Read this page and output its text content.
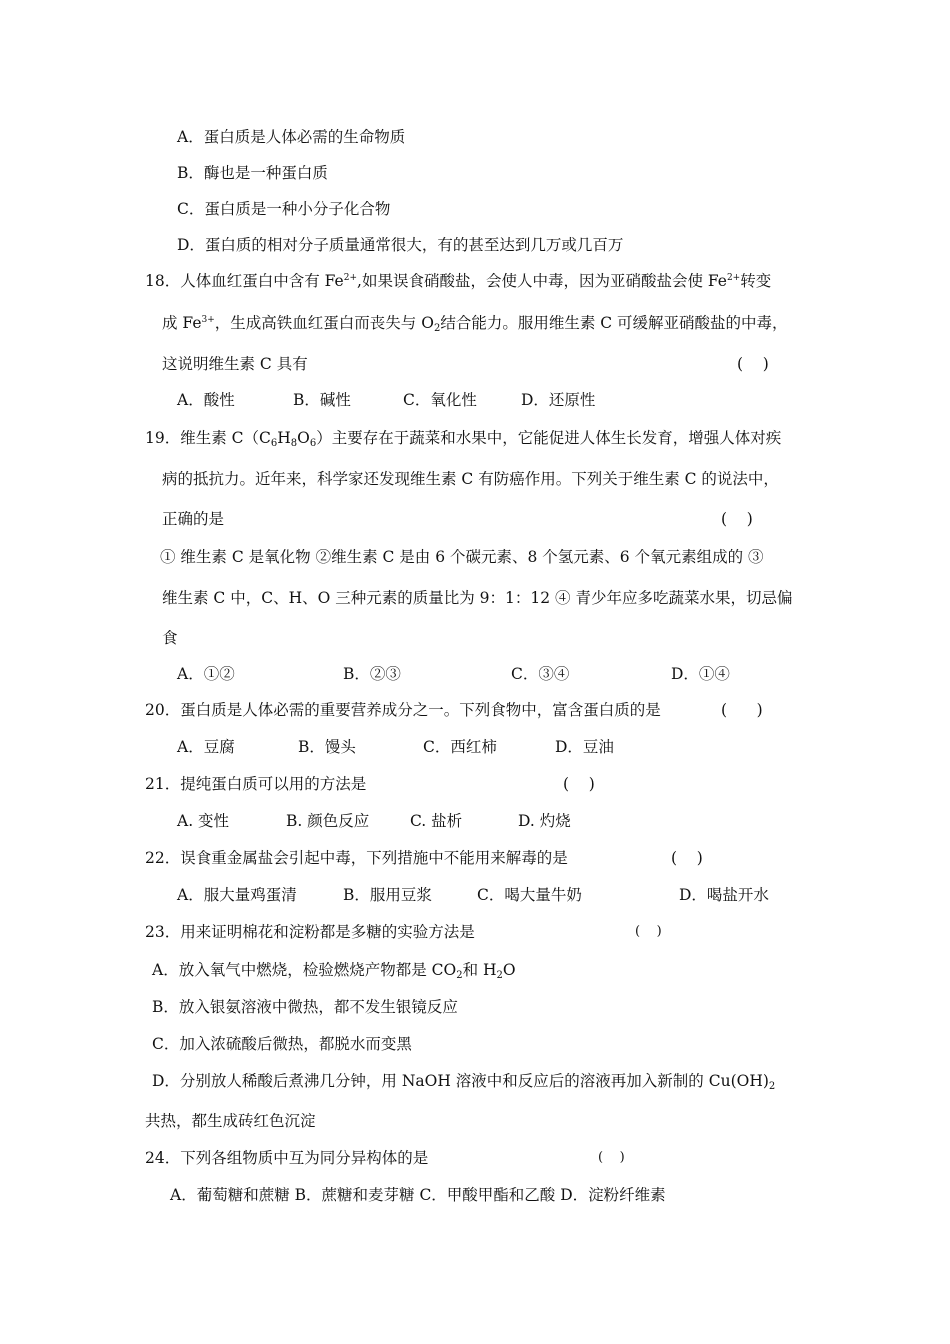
A．蛋白质是人体必需的生命物质
B．酶也是一种蛋白质
C．蛋白质是一种小分子化合物
D．蛋白质的相对分子质量通常很大，有的甚至达到几万或几百万
18．人体血红蛋白中含有 $Fe^{2+}$,如果误食硝酸盐，会使人中毒，因为亚硝酸盐会使 $Fe^{2+}$转变
成 $Fe^{3+}$，生成高铁血红蛋白而丧失与 $O_2$结合能力。服用维生素 C 可缓解亚硝酸盐的中毒，
这说明维生素 C 具有	(    )
A．酸性	B．碱性	C．氧化性	D．还原性
19．维生素 $C(C_6H_8O_6)$主要存在于蔬菜和水果中，它能促进人体生长发育，增强人体对疾
病的抵抗力。近年来，科学家还发现维生素 C 有防癌作用。下列关于维生素 C 的说法中，
正确的是	(    )
① 维生素 C 是氧化物 ②维生素 C 是由 6 个碳元素、8 个氢元素、6 个氧元素组成的 ③
维生素 C 中，C、H、O 三种元素的质量比为 9：1：12 ④ 青少年应多吃蔬菜水果，切忌偏
食
A．①②	B．②③	C．③④	D．①④
20．蛋白质是人体必需的重要营养成分之一。下列食物中，富含蛋白质的是	(      )
A．豆腐	B．馒头	C．西红柿	D．豆油
21．提纯蛋白质可以用的方法是	(    )
A. 变性	B. 颜色反应	C. 盐析	D. 灼烧
22．误食重金属盐会引起中毒，下列措施中不能用来解毒的是	(    )
A．服大量鸡蛋清	B．服用豆浆	C．喝大量牛奶	D．喝盐开水
23．用来证明棉花和淀粉都是多糖的实验方法是	(    )
A．放入氧气中燃烧，检验燃烧产物都是 $CO_2$和 $H_2O$
B．放入银氨溶液中微热，都不发生银镜反应
C．加入浓硫酸后微热，都脱水而变黑
D．分别放人稀酸后煮沸几分钟，用 NaOH 溶液中和反应后的溶液再加入新制的 $Cu(OH)_2$
共热，都生成砖红色沉淀
24．下列各组物质中互为同分异构体的是	(    )
A．葡萄糖和蔗糖 B．蔗糖和麦芽糖 C．甲酸甲酯和乙酸 D．淀粉纤维素
